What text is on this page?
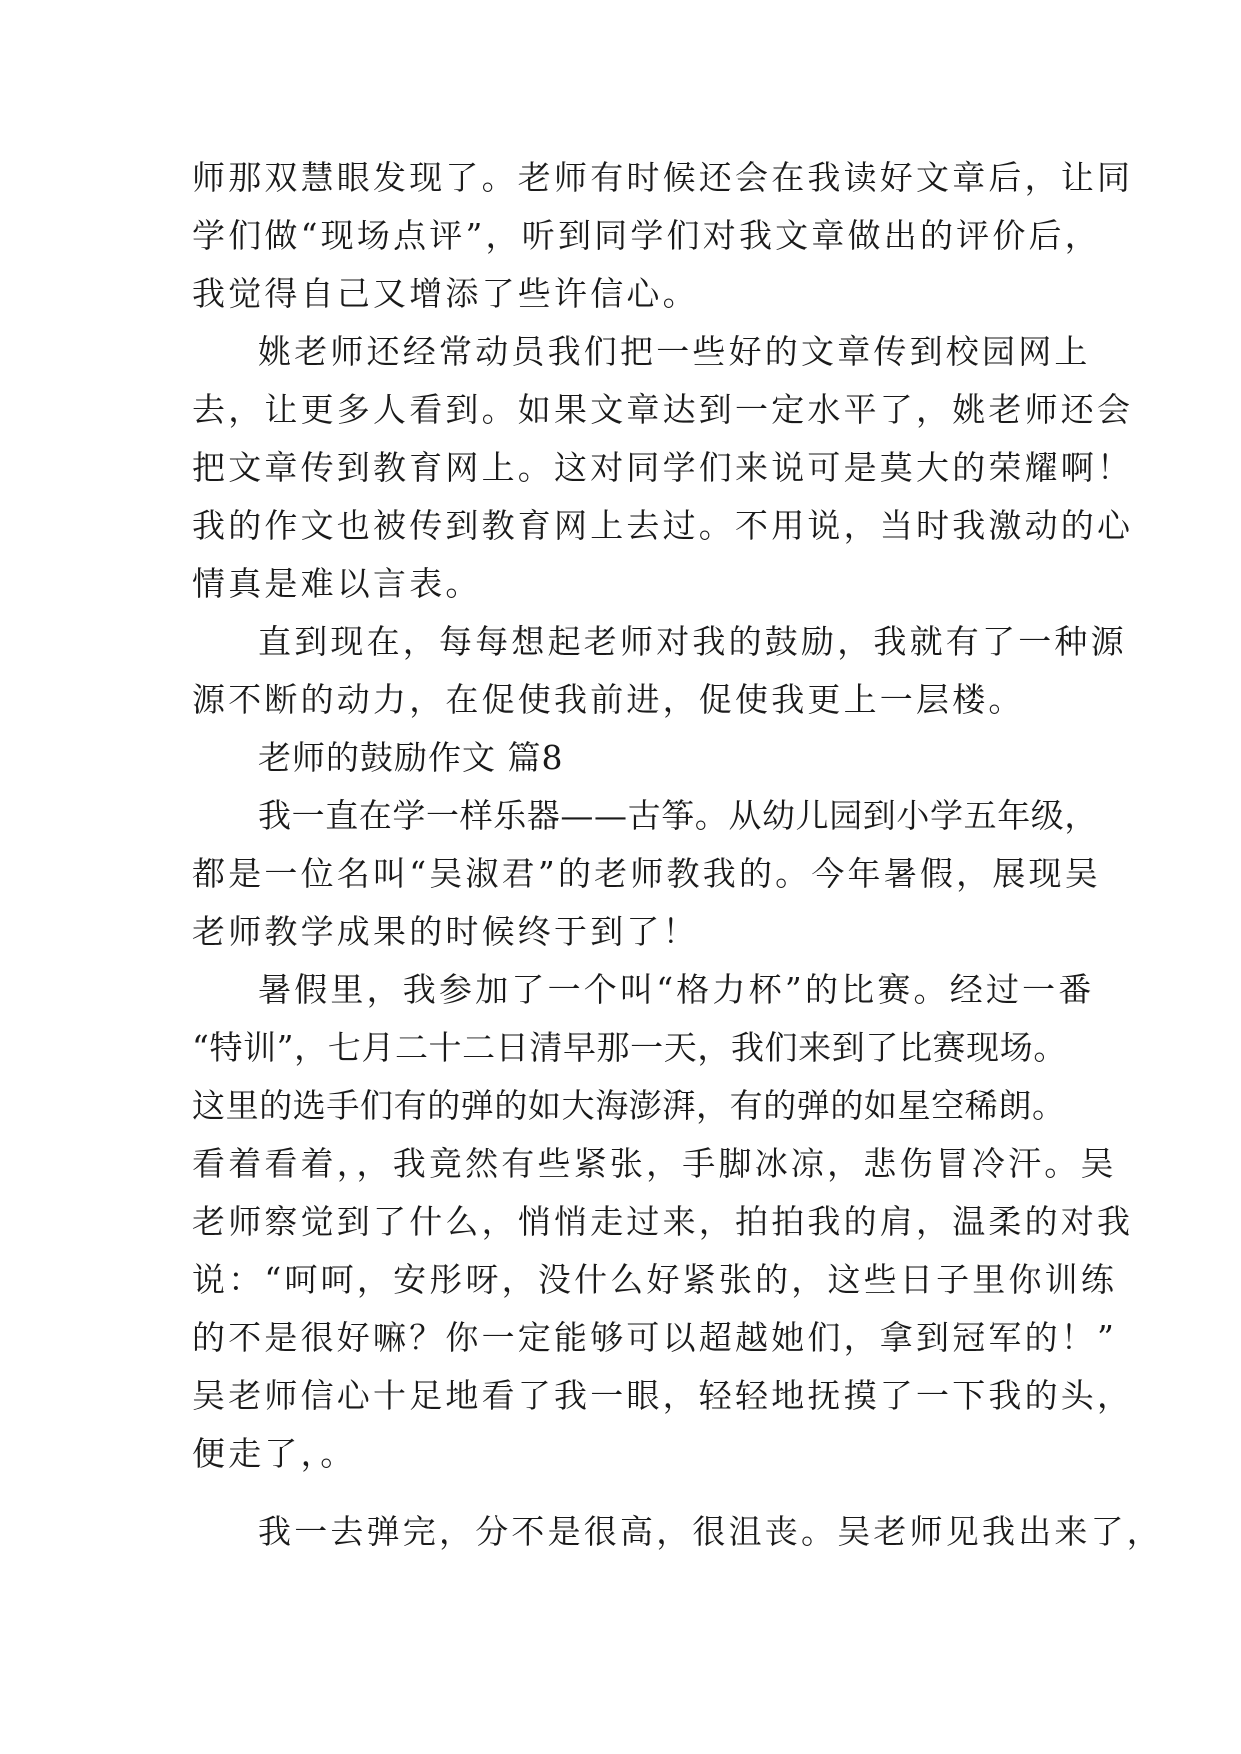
师那双慧眼发现了。老师有时候还会在我读好文章后，让同
学们做“现场点评”，听到同学们对我文章做出的评价后，
我觉得自己又增添了些许信心。
姚老师还经常动员我们把一些好的文章传到校园网上
去，让更多人看到。如果文章达到一定水平了，姚老师还会
把文章传到教育网上。这对同学们来说可是莫大的荣耀啊！
我的作文也被传到教育网上去过。不用说，当时我激动的心
情真是难以言表。
直到现在，每每想起老师对我的鼓励，我就有了一种源
源不断的动力，在促使我前进，促使我更上一层楼。
老师的鼓励作文 篇8
我一直在学一样乐器——古筝。从幼儿园到小学五年级，
都是一位名叫“吴淑君”的老师教我的。今年暑假，展现吴
老师教学成果的时候终于到了！
暑假里，我参加了一个叫“格力杯”的比赛。经过一番
“特训”，七月二十二日清早那一天，我们来到了比赛现场。
这里的选手们有的弹的如大海澎湃，有的弹的如星空稀朗。
看着看着，，我竟然有些紧张，手脚冰凉，悲伤冒冷汗。吴
老师察觉到了什么，悄悄走过来，拍拍我的肩，温柔的对我
说：“呵呵，安彤呀，没什么好紧张的，这些日子里你训练
的不是很好嘛？你一定能够可以超越她们，拿到冠军的！”
吴老师信心十足地看了我一眼，轻轻地抚摸了一下我的头，
便走了，。
我一去弹完，分不是很高，很沮丧。吴老师见我出来了，
